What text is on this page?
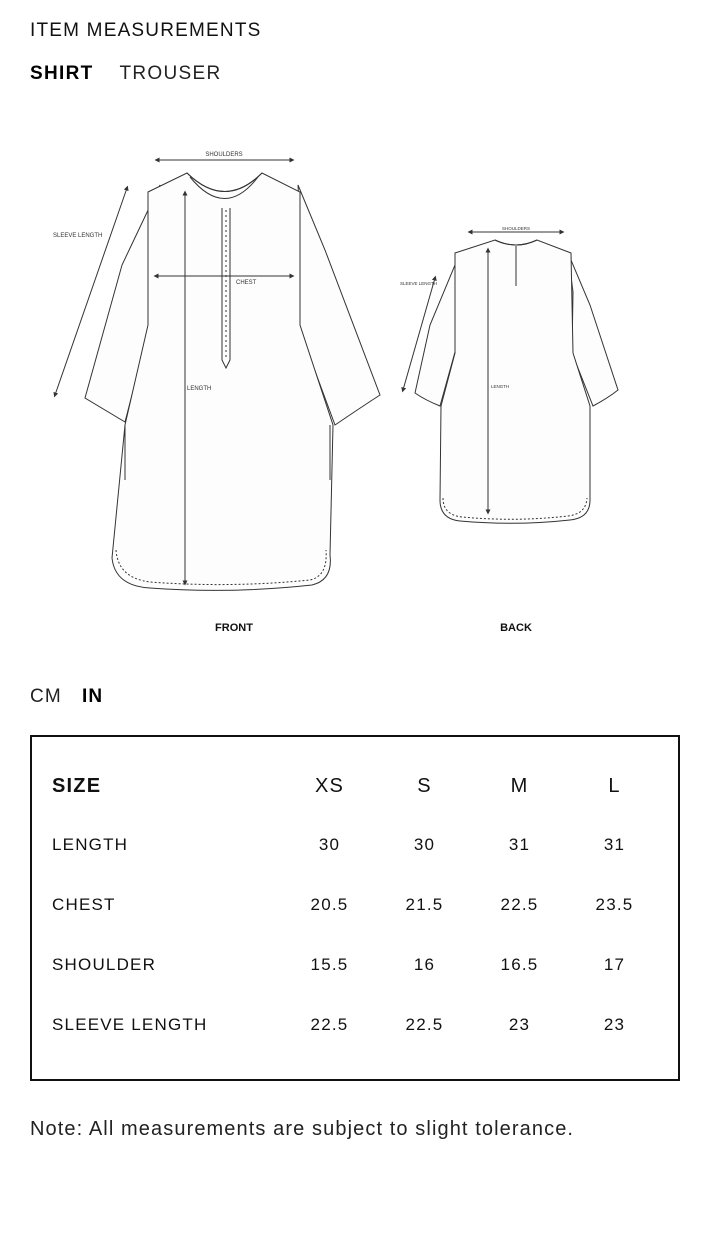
ITEM MEASUREMENTS
SHIRT TROUSER
SHOULDERS
SLEEVE LENGTH
CHEST
LENGTH
FRONT
SHOULDERS
SLEEVE LENGTH
LENGTH
BACK
CM IN
SIZE	XS	S	M	L
LENGTH	30	30	31	31
CHEST	20.5	21.5	22.5	23.5
SHOULDER	15.5	16	16.5	17
SLEEVE LENGTH	22.5	22.5	23	23
Note: All measurements are subject to slight tolerance.
